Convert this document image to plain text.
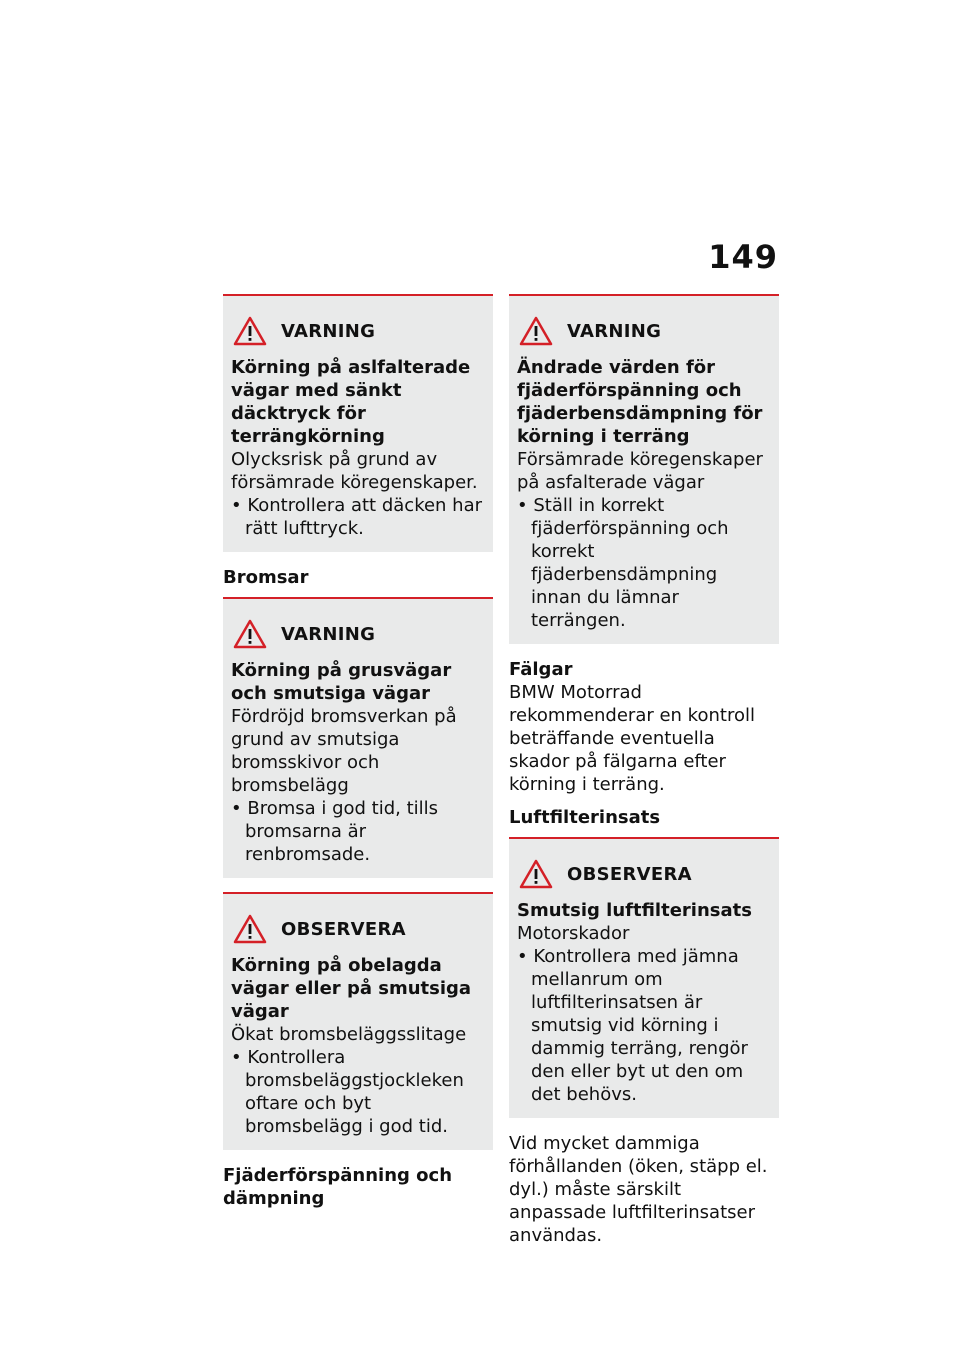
149
VARNING

Körning på aslfalterade vägar med sänkt däcktryck för terrängkörning

Olycksrisk på grund av försämrade köregenskaper.

• Kontrollera att däcken har rätt lufttryck.

Bromsar
VARNING

Körning på grusvägar och smutsiga vägar

Fördröjd bromsverkan på grund av smutsiga bromsskivor och bromsbelägg

• Bromsa i god tid, tills bromsarna är renbromsade.

OBSERVERA

Körning på obelagda vägar eller på smutsiga vägar

Ökat bromsbeläggsslitage

• Kontrollera bromsbeläggstjockleken oftare och byt bromsbelägg i god tid.

Fjäderförspänning och dämpning
VARNING

Ändrade värden för fjäderförspänning och fjäderbensdämpning för körning i terräng

Försämrade köregenskaper på asfalterade vägar

• Ställ in korrekt fjäderförspänning och korrekt fjäderbensdämpning innan du lämnar terrängen.

Fälgar

BMW Motorrad rekommenderar en kontroll beträffande eventuella skador på fälgarna efter körning i terräng.

Luftfilterinsats
OBSERVERA

Smutsig luftfilterinsats

Motorskador

• Kontrollera med jämna mellanrum om luftfilterinsatsen är smutsig vid körning i dammig terräng, rengör den eller byt ut den om det behövs.

Vid mycket dammiga förhållanden (öken, stäpp el. dyl.) måste särskilt anpassade luftfilterinsatser användas.
